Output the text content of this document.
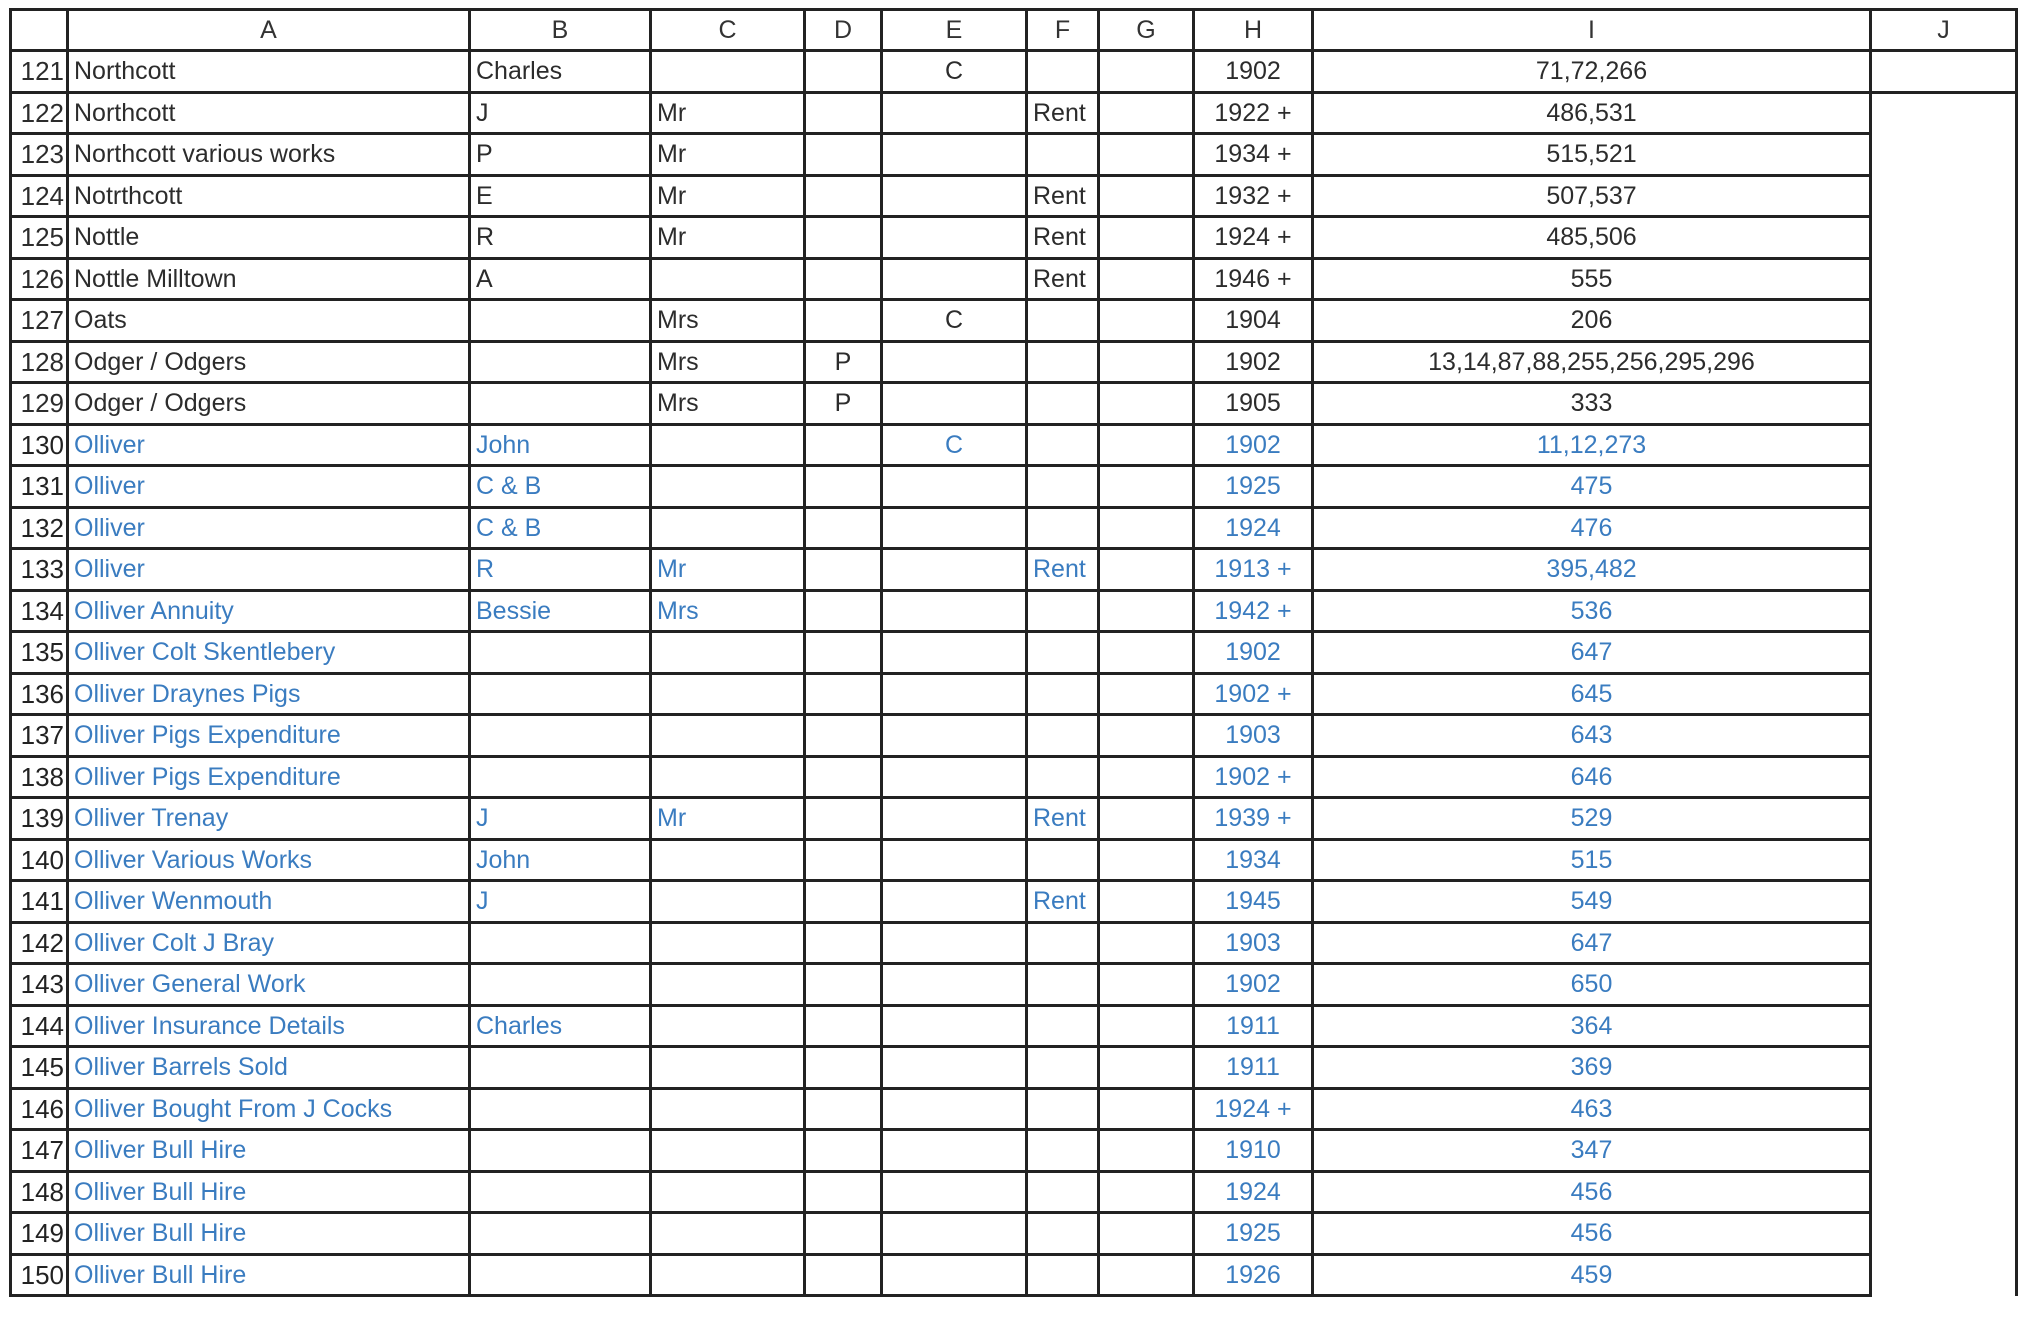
	A	B	C	D	E	F	G	H	I	J
121	Northcott	Charles			C			1902	71,72,266	
122	Northcott	J	Mr			Rent		1922 +	486,531	
123	Northcott various works	P	Mr					1934 +	515,521	
124	Notrthcott	E	Mr			Rent		1932 +	507,537	
125	Nottle	R	Mr			Rent		1924 +	485,506	
126	Nottle Milltown	A				Rent		1946 +	555	
127	Oats		Mrs		C			1904	206	
128	Odger / Odgers		Mrs	P				1902	13,14,87,88,255,256,295,296	
129	Odger / Odgers		Mrs	P				1905	333	
130	Olliver	John			C			1902	11,12,273	
131	Olliver	C & B						1925	475	
132	Olliver	C & B						1924	476	
133	Olliver	R	Mr			Rent		1913 +	395,482	
134	Olliver Annuity	Bessie	Mrs					1942 +	536	
135	Olliver Colt Skentlebery							1902	647	
136	Olliver Draynes Pigs							1902 +	645	
137	Olliver Pigs Expenditure							1903	643	
138	Olliver Pigs Expenditure							1902 +	646	
139	Olliver Trenay	J	Mr			Rent		1939 +	529	
140	Olliver Various Works	John						1934	515	
141	Olliver Wenmouth	J				Rent		1945	549	
142	Olliver Colt J Bray							1903	647	
143	Olliver General Work							1902	650	
144	Olliver Insurance Details	Charles						1911	364	
145	Olliver Barrels Sold							1911	369	
146	Olliver Bought From J Cocks							1924 +	463	
147	Olliver Bull Hire							1910	347	
148	Olliver Bull Hire							1924	456	
149	Olliver Bull Hire							1925	456	
150	Olliver Bull Hire							1926	459	
